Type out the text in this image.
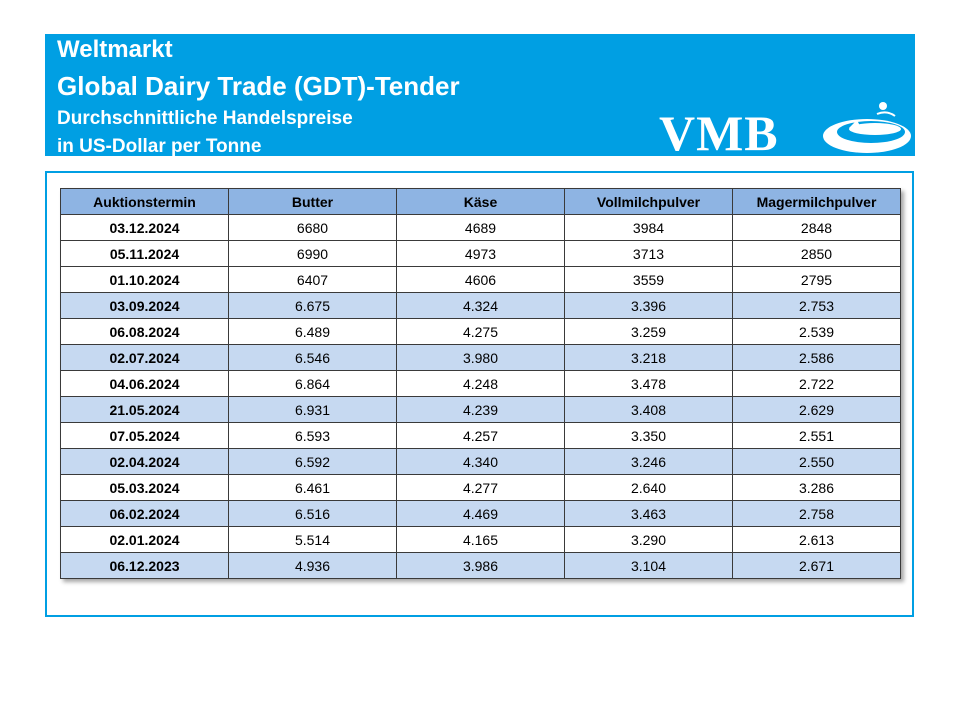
Weltmarkt
Global Dairy Trade (GDT)-Tender
Durchschnittliche Handelspreise
in US-Dollar per Tonne	VMB
Auktionstermin	Butter	Käse	Vollmilchpulver	Magermilchpulver
03.12.2024	6680	4689	3984	2848
05.11.2024	6990	4973	3713	2850
01.10.2024	6407	4606	3559	2795
03.09.2024	6.675	4.324	3.396	2.753
06.08.2024	6.489	4.275	3.259	2.539
02.07.2024	6.546	3.980	3.218	2.586
04.06.2024	6.864	4.248	3.478	2.722
21.05.2024	6.931	4.239	3.408	2.629
07.05.2024	6.593	4.257	3.350	2.551
02.04.2024	6.592	4.340	3.246	2.550
05.03.2024	6.461	4.277	2.640	3.286
06.02.2024	6.516	4.469	3.463	2.758
02.01.2024	5.514	4.165	3.290	2.613
06.12.2023	4.936	3.986	3.104	2.671
